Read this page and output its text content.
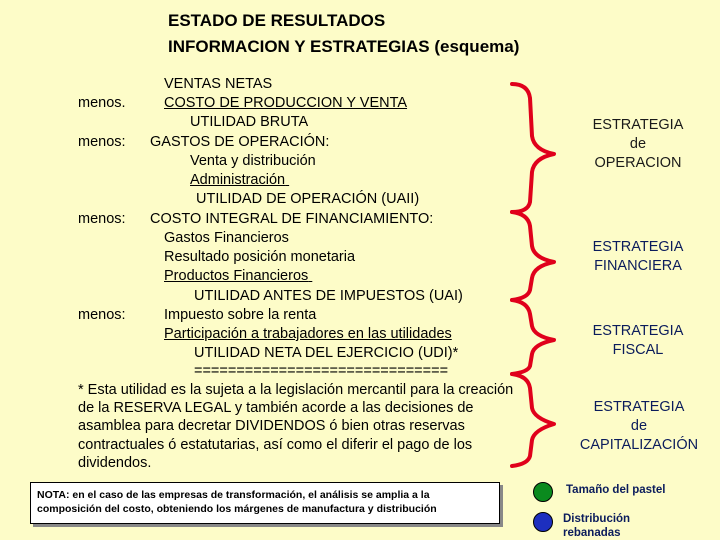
ESTADO DE RESULTADOS
INFORMACION Y ESTRATEGIAS (esquema)
VENTAS NETAS
menos.	COSTO DE PRODUCCION Y VENTA
UTILIDAD BRUTA
menos: GASTOS DE OPERACIÓN:
Venta y distribución
Administración
UTILIDAD DE OPERACIÓN (UAII)
menos: COSTO INTEGRAL DE FINANCIAMIENTO:
Gastos Financieros
Resultado posición monetaria
Productos Financieros
UTILIDAD ANTES DE IMPUESTOS (UAI)
menos:	Impuesto sobre la renta
Participación a trabajadores en las utilidades
UTILIDAD NETA DEL EJERCICIO (UDI)*
==============================
* Esta utilidad es la sujeta a la legislación mercantil para la creación de la RESERVA LEGAL y también acorde a las decisiones de asamblea para decretar DIVIDENDOS ó bien otras reservas contractuales ó estatutarias, así como el diferir el pago de los dividendos.
NOTA: en el caso de las empresas de transformación, el análisis se amplia a la composición del costo, obteniendo los márgenes de manufactura y distribución
ESTRATEGIA
de
OPERACION
ESTRATEGIA
FINANCIERA
ESTRATEGIA
FISCAL
ESTRATEGIA
de
CAPITALIZACIÓN
Tamaño del pastel
Distribución
rebanadas
